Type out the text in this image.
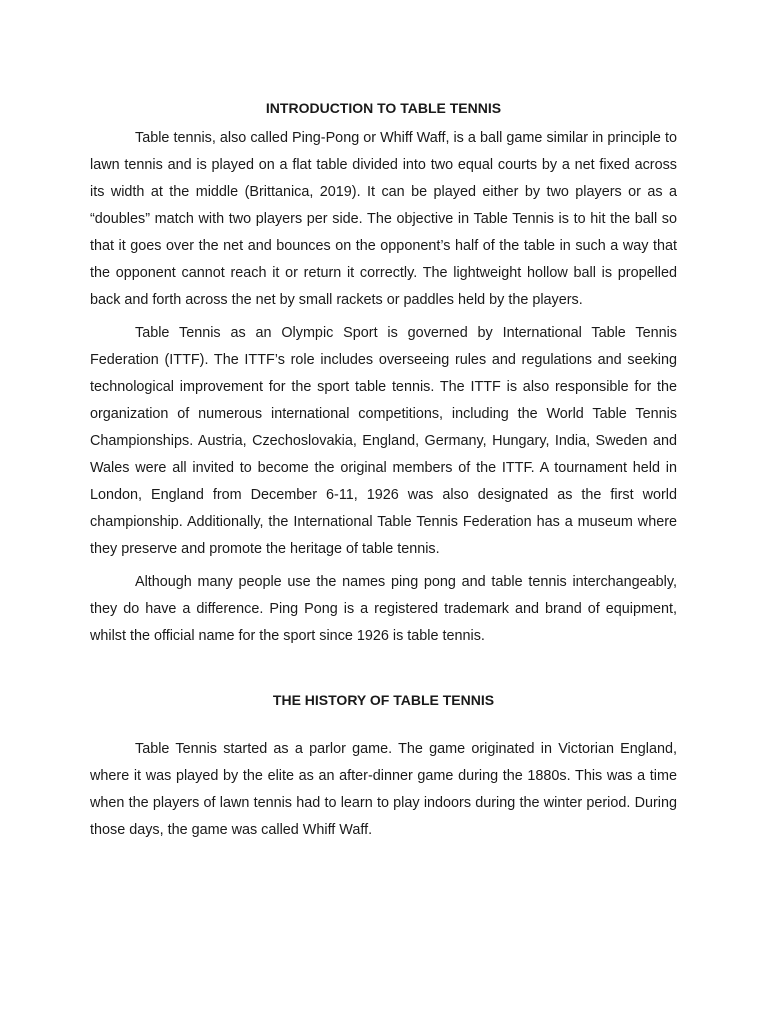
INTRODUCTION TO TABLE TENNIS

Table tennis, also called Ping-Pong or Whiff Waff, is a ball game similar in principle to lawn tennis and is played on a flat table divided into two equal courts by a net fixed across its width at the middle (Brittanica, 2019). It can be played either by two players or as a “doubles” match with two players per side. The objective in Table Tennis is to hit the ball so that it goes over the net and bounces on the opponent’s half of the table in such a way that the opponent cannot reach it or return it correctly. The lightweight hollow ball is propelled back and forth across the net by small rackets or paddles held by the players.

Table Tennis as an Olympic Sport is governed by International Table Tennis Federation (ITTF). The ITTF’s role includes overseeing rules and regulations and seeking technological improvement for the sport table tennis. The ITTF is also responsible for the organization of numerous international competitions, including the World Table Tennis Championships. Austria, Czechoslovakia, England, Germany, Hungary, India, Sweden and Wales were all invited to become the original members of the ITTF. A tournament held in London, England from December 6-11, 1926 was also designated as the first world championship. Additionally, the International Table Tennis Federation has a museum where they preserve and promote the heritage of table tennis.

Although many people use the names ping pong and table tennis interchangeably, they do have a difference. Ping Pong is a registered trademark and brand of equipment, whilst the official name for the sport since 1926 is table tennis.

THE HISTORY OF TABLE TENNIS

Table Tennis started as a parlor game. The game originated in Victorian England, where it was played by the elite as an after-dinner game during the 1880s. This was a time when the players of lawn tennis had to learn to play indoors during the winter period. During those days, the game was called Whiff Waff.
